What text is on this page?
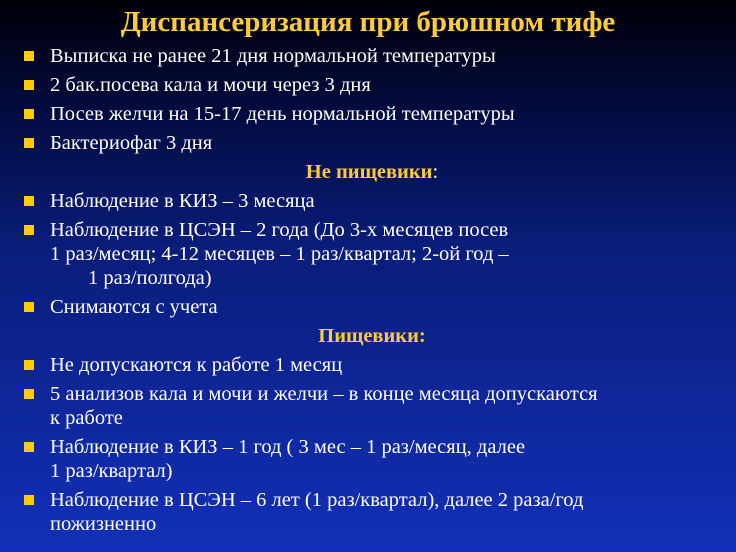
Диспансеризация при брюшном тифе
Выписка не ранее 21 дня нормальной температуры
2 бак.посева кала и мочи через 3 дня
Посев желчи на 15-17 день нормальной температуры
Бактериофаг 3 дня
Не пищевики:
Наблюдение в КИЗ – 3 месяца
Наблюдение в ЦСЭН – 2 года (До 3-х месяцев посев
1 раз/месяц; 4-12 месяцев – 1 раз/квартал; 2-ой год –
1 раз/полгода)
Снимаются с учета
Пищевики:
Не допускаются к работе 1 месяц
5 анализов кала и мочи и желчи – в конце месяца допускаются
к работе
Наблюдение в КИЗ – 1 год ( 3 мес – 1 раз/месяц, далее
1 раз/квартал)
Наблюдение в ЦСЭН – 6 лет (1 раз/квартал), далее 2 раза/год
пожизненно
